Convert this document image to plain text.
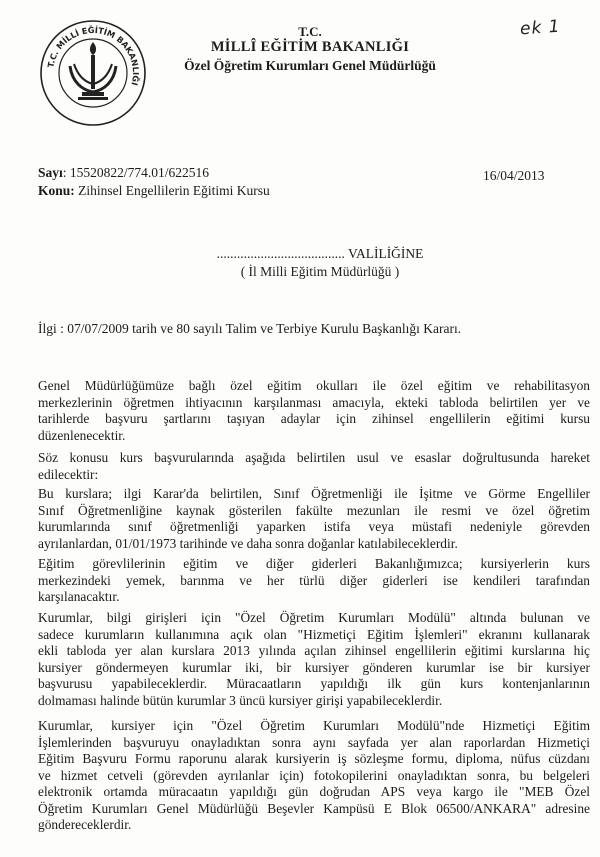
T.C. MİLLİ EĞİTİM BAKANLIĞI
ek 1
T.C.
MİLLÎ EĞİTİM BAKANLIĞI
Özel Öğretim Kurumları Genel Müdürlüğü
Sayı: 15520822/774.01/622516
Konu: Zihinsel Engellilerin Eğitimi Kursu
16/04/2013
...................................... VALİLİĞİNE
( İl Milli Eğitim Müdürlüğü )
İlgi : 07/07/2009 tarih ve 80 sayılı Talim ve Terbiye Kurulu Başkanlığı Kararı.
Genel Müdürlüğümüze bağlı özel eğitim okulları ile özel eğitim ve rehabilitasyon
merkezlerinin öğretmen ihtiyacının karşılanması amacıyla, ekteki tabloda belirtilen yer ve
tarihlerde başvuru şartlarını taşıyan adaylar için zihinsel engellilerin eğitimi kursu
düzenlenecektir.
Söz konusu kurs başvurularında aşağıda belirtilen usul ve esaslar doğrultusunda hareket
edilecektir:
Bu kurslara; ilgi Karar'da belirtilen, Sınıf Öğretmenliği ile İşitme ve Görme Engelliler
Sınıf Öğretmenliğine kaynak gösterilen fakülte mezunları ile resmi ve özel öğretim
kurumlarında sınıf öğretmenliği yaparken istifa veya müstafi nedeniyle görevden
ayrılanlardan, 01/01/1973 tarihinde ve daha sonra doğanlar katılabileceklerdir.
Eğitim görevlilerinin eğitim ve diğer giderleri Bakanlığımızca; kursiyerlerin kurs
merkezindeki yemek, barınma ve her türlü diğer giderleri ise kendileri tarafından
karşılanacaktır.
Kurumlar, bilgi girişleri için "Özel Öğretim Kurumları Modülü" altında bulunan ve
sadece kurumların kullanımına açık olan "Hizmetiçi Eğitim İşlemleri" ekranını kullanarak
ekli tabloda yer alan kurslara 2013 yılında açılan zihinsel engellilerin eğitimi kurslarına hiç
kursiyer göndermeyen kurumlar iki, bir kursiyer gönderen kurumlar ise bir kursiyer
başvurusu yapabileceklerdir. Müracaatların yapıldığı ilk gün kurs kontenjanlarının
dolmaması halinde bütün kurumlar 3 üncü kursiyer girişi yapabileceklerdir.
Kurumlar, kursiyer için "Özel Öğretim Kurumları Modülü"nde Hizmetiçi Eğitim
İşlemlerinden başvuruyu onayladıktan sonra aynı sayfada yer alan raporlardan Hizmetiçi
Eğitim Başvuru Formu raporunu alarak kursiyerin iş sözleşme formu, diploma, nüfus cüzdanı
ve hizmet cetveli (görevden ayrılanlar için) fotokopilerini onayladıktan sonra, bu belgeleri
elektronik ortamda müracaatın yapıldığı gün doğrudan APS veya kargo ile "MEB Özel
Öğretim Kurumları Genel Müdürlüğü Beşevler Kampüsü E Blok 06500/ANKARA" adresine
göndereceklerdir.
